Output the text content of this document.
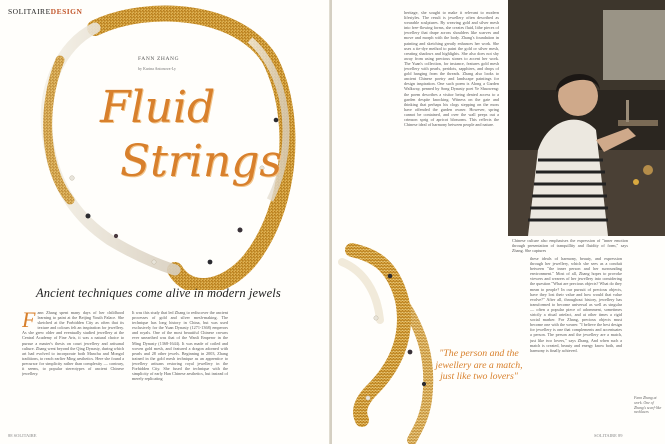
SOLITAIREDESIGN
FANN ZHANG
by Karina Antonova-Ly
Fluid
Strings
Ancient techniques come alive in modern jewels
Fann Zhang spent many days of her childhood learning to paint at the Beijing Youth Palace. She sketched at the Forbidden City as often that its texture and colours felt an inspiration for jewellery. As she grew older and eventually studied jewellery at the Central Academy of Fine Arts, it was a natural choice to pursue a master's thesis on court jewellery and artisanal culture. Zhang went beyond the Qing Dynasty, during which art had evolved to incorporate both Manchu and Mongol traditions, to reach earlier Ming aesthetics. Here she found a precursor for simplicity rather than complexity — contrary, it seems, to popular stereotypes of ancient Chinese jewellery.
It was this study that led Zhang to rediscover the ancient processes of gold and silver mesh-making. The technique has long history in China, but was used exclusively for the Yuan Dynasty (1271-1368) emperors and royals. One of the most beautiful Chinese crowns ever unearthed was that of the Wanli Emperor in the Ming Dynasty (1368-1644). It was made of coiled and woven gold mesh, and featured a dragon adorned with pearls and 28 other jewels. Beginning in 2003, Zhang trained in the gold mesh technique as an apprentice to jewellery artisans restoring royal jewellery in the Forbidden City. She fused the technique with the simplicity of early Han Chinese aesthetics, but instead of merely replicating
heritage, she sought to make it relevant to modern lifestyles. The result is jewellery often described as wearable sculptures. By weaving gold and silver mesh into free-flowing forms, she creates fluid, lithe pieces of jewellery that drape across shoulders like scarves and move and morph with the body. Zhang's foundation in painting and sketching greatly enhances her work. She uses a tie-dye method to paint the gold or silver mesh, creating shadows and highlights. She also does not shy away from using precious stones to accent her work. The Yuan's collection, for instance, features gold mesh jewellery with pearls, peridots, sapphires, and drops of gold hanging from the threads. Zhang also looks to ancient Chinese poetry and landscape paintings for design inspiration. One such poem is Along a Garden Walkway, penned by Song Dynasty poet Ye Shaoweng: the poem describes a visitor being denied access to a garden despite knocking. Witness on the gate and thinking that perhaps his clogs stepping on the moss have offended the garden owner. However, spring cannot be contained, and over the wall peeps out a crimson sprig of apricot blossoms. This reflects the Chinese ideal of harmony between people and nature.
Chinese culture also emphasises the expression of "inner emotion through presentation of tranquillity and fluidity of form," says Zhang. She captures
these ideals of harmony, beauty, and expression through her jewellery, which she sees as a conduit between "the inner person and her surrounding environment." Most of all, Zhang hopes to provoke viewers and wearers of her jewellery into considering the question "What are precious objects? What do they mean to people? In our pursuit of precious objects, have they lost their value and how would that value evolve?" After all, throughout history, jewellery has transformed to become universal as well as singular — often a popular piece of adornment, sometimes strictly a ritual artefact, and at other times a rigid social marker. For Zhang, precious objects must become one with the wearer. "I believe the best design for jewellery is one that complements and accentuates a person. The person and the jewellery are a match, just like two lovers," says Zhang. And when such a match is created, beauty and energy know both, and harmony is finally achieved.
"The person and the jewellery are a match, just like two lovers"
Fann Zhang at work. One of Zhang's scarf-like necklaces
88 SOLITAIRE	SOLITAIRE 89
